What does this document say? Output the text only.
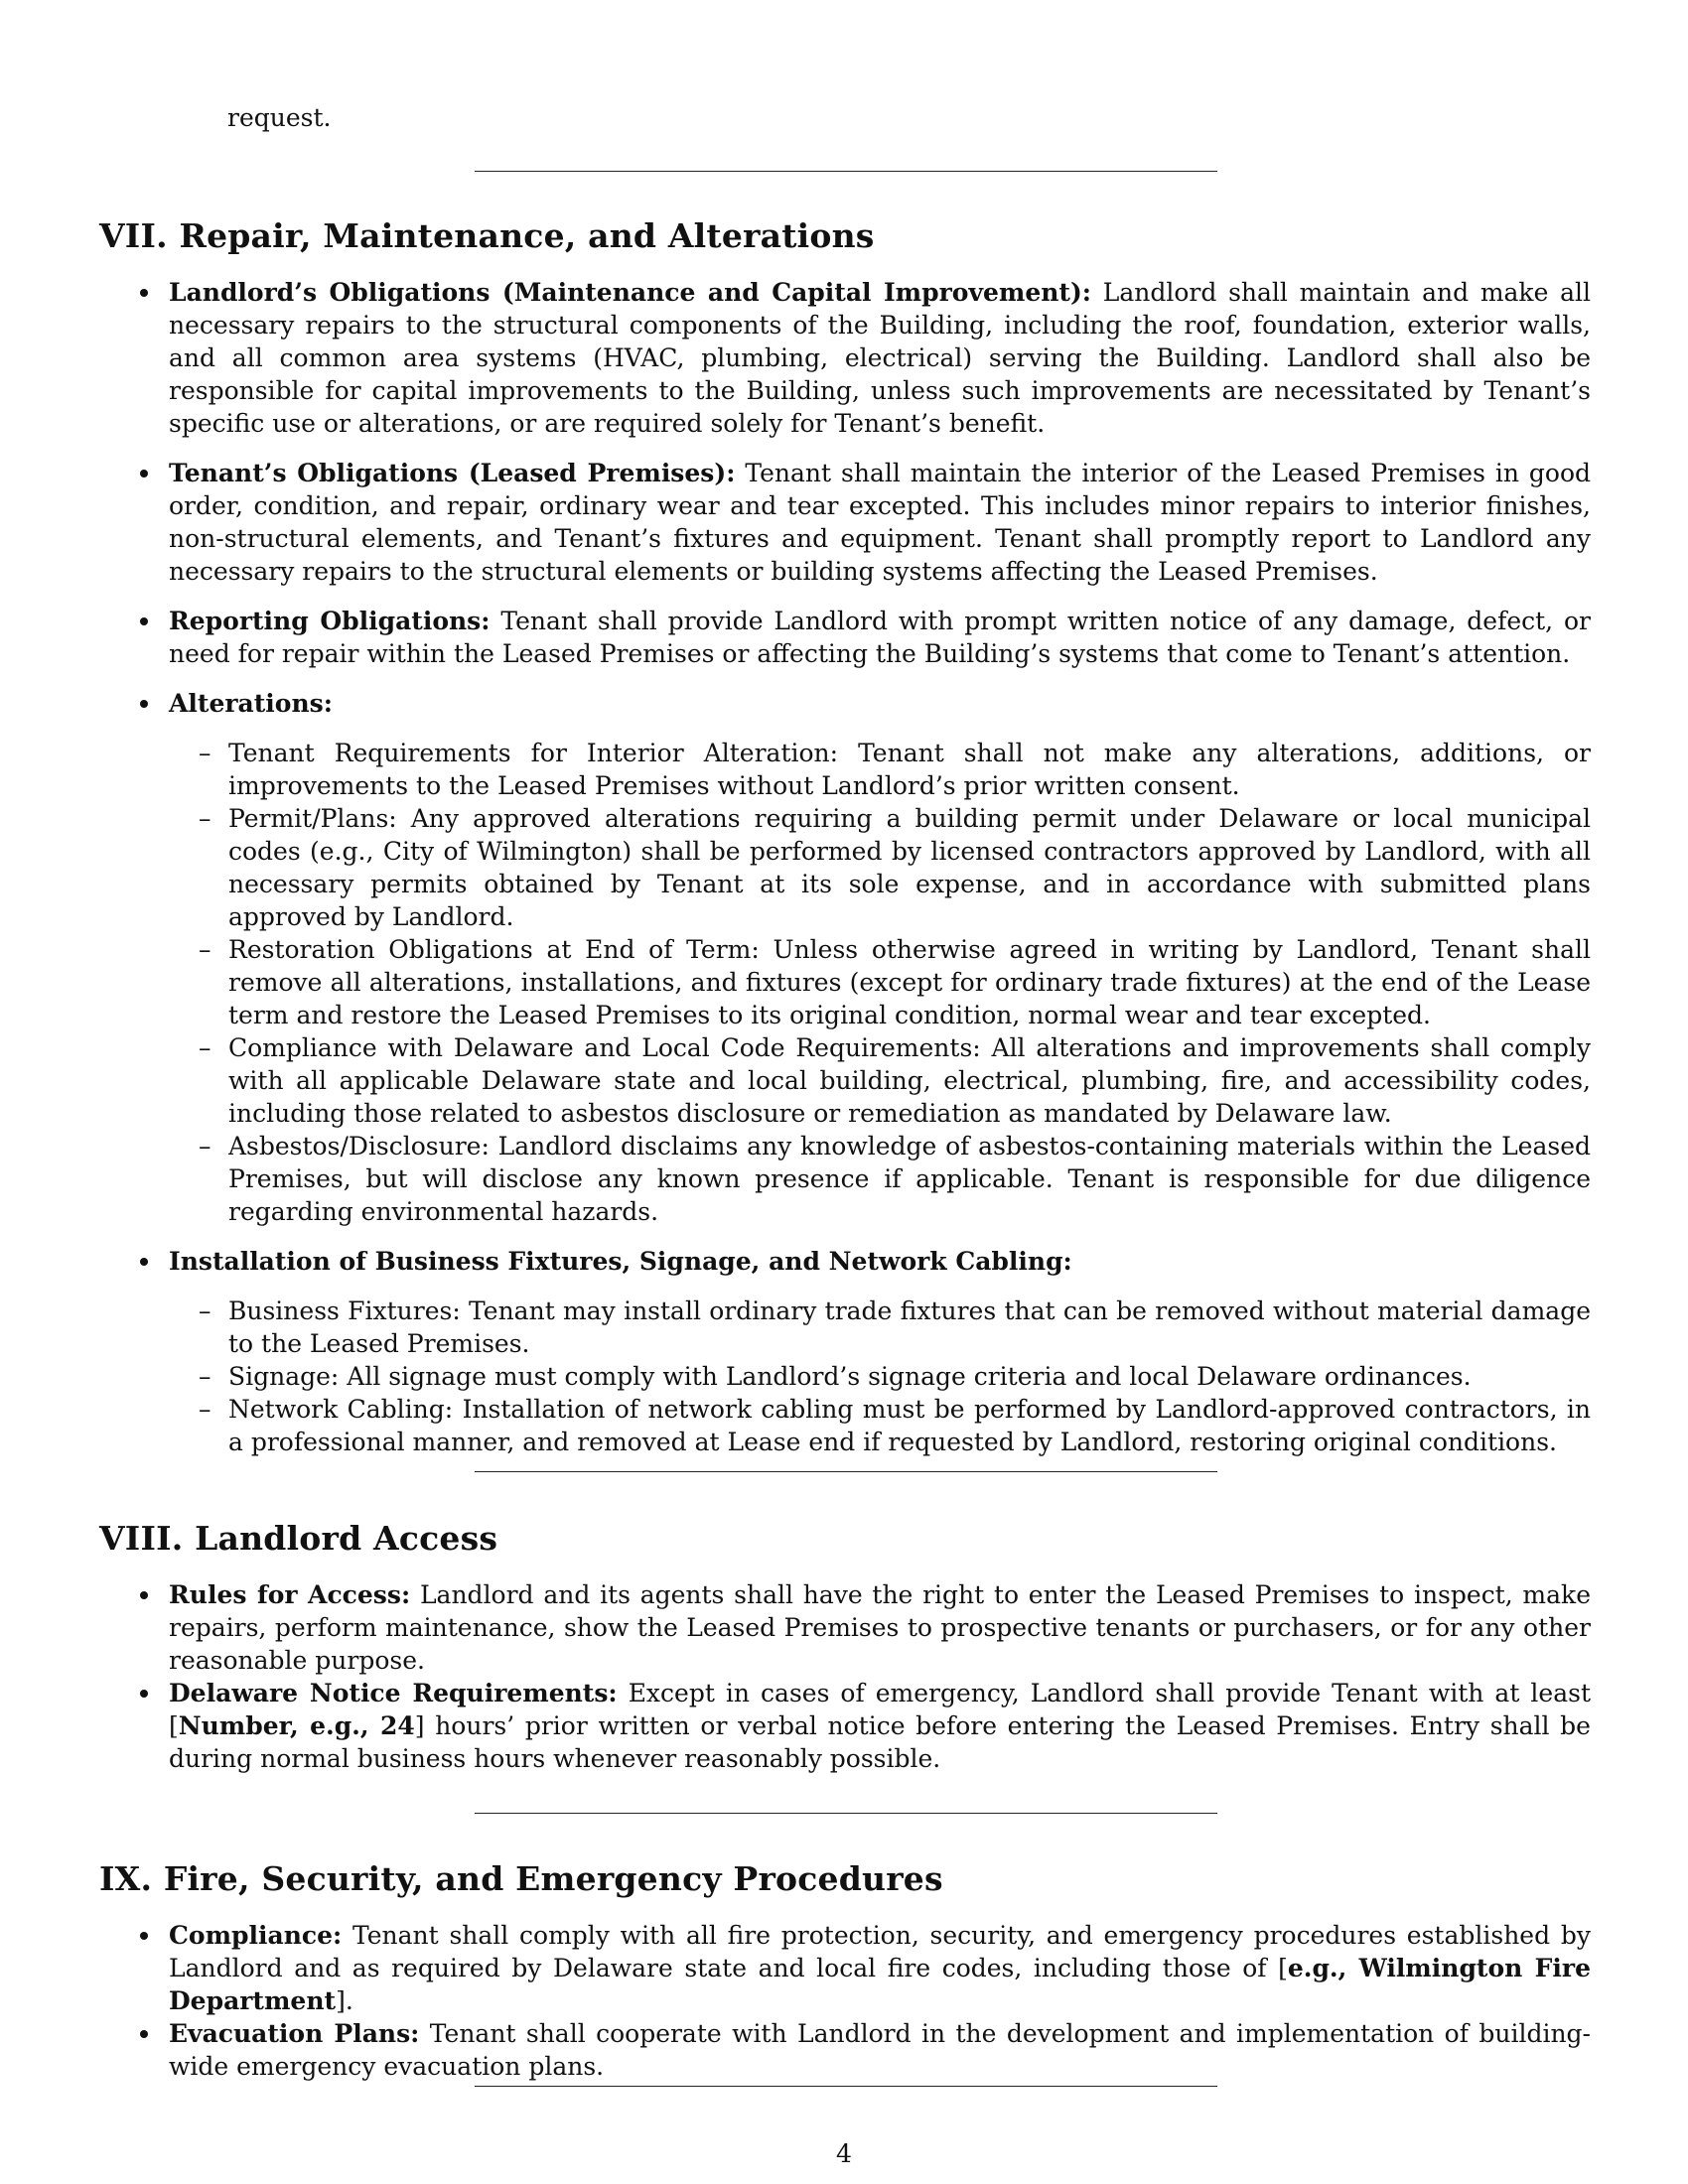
request.
VII. Repair, Maintenance, and Alterations
Landlord’s Obligations (Maintenance and Capital Improvement): Landlord shall maintain and make all necessary repairs to the structural components of the Building, including the roof, foundation, exterior walls, and all common area systems (HVAC, plumbing, electrical) serving the Building. Landlord shall also be responsible for capital improvements to the Building, unless such improvements are necessitated by Tenant’s specific use or alterations, or are required solely for Tenant’s benefit.
Tenant’s Obligations (Leased Premises): Tenant shall maintain the interior of the Leased Premises in good order, condition, and repair, ordinary wear and tear excepted. This includes minor repairs to interior finishes, non-structural elements, and Tenant’s fixtures and equipment. Tenant shall promptly report to Landlord any necessary repairs to the structural elements or building systems affecting the Leased Premises.
Reporting Obligations: Tenant shall provide Landlord with prompt written notice of any damage, defect, or need for repair within the Leased Premises or affecting the Building’s systems that come to Tenant’s attention.
Alterations:
– Tenant Requirements for Interior Alteration: Tenant shall not make any alterations, additions, or improvements to the Leased Premises without Landlord’s prior written consent.
– Permit/Plans: Any approved alterations requiring a building permit under Delaware or local municipal codes (e.g., City of Wilmington) shall be performed by licensed contractors approved by Landlord, with all necessary permits obtained by Tenant at its sole expense, and in accordance with submitted plans approved by Landlord.
– Restoration Obligations at End of Term: Unless otherwise agreed in writing by Landlord, Tenant shall remove all alterations, installations, and fixtures (except for ordinary trade fixtures) at the end of the Lease term and restore the Leased Premises to its original condition, normal wear and tear excepted.
– Compliance with Delaware and Local Code Requirements: All alterations and improvements shall comply with all applicable Delaware state and local building, electrical, plumbing, fire, and accessibility codes, including those related to asbestos disclosure or remediation as mandated by Delaware law.
– Asbestos/Disclosure: Landlord disclaims any knowledge of asbestos-containing materials within the Leased Premises, but will disclose any known presence if applicable. Tenant is responsible for due diligence regarding environmental hazards.
Installation of Business Fixtures, Signage, and Network Cabling:
– Business Fixtures: Tenant may install ordinary trade fixtures that can be removed without material damage to the Leased Premises.
– Signage: All signage must comply with Landlord’s signage criteria and local Delaware ordinances.
– Network Cabling: Installation of network cabling must be performed by Landlord-approved contractors, in a professional manner, and removed at Lease end if requested by Landlord, restoring original conditions.
VIII. Landlord Access
Rules for Access: Landlord and its agents shall have the right to enter the Leased Premises to inspect, make repairs, perform maintenance, show the Leased Premises to prospective tenants or purchasers, or for any other reasonable purpose.
Delaware Notice Requirements: Except in cases of emergency, Landlord shall provide Tenant with at least [Number, e.g., 24] hours’ prior written or verbal notice before entering the Leased Premises. Entry shall be during normal business hours whenever reasonably possible.
IX. Fire, Security, and Emergency Procedures
Compliance: Tenant shall comply with all fire protection, security, and emergency procedures established by Landlord and as required by Delaware state and local fire codes, including those of [e.g., Wilmington Fire Department].
Evacuation Plans: Tenant shall cooperate with Landlord in the development and implementation of building-wide emergency evacuation plans.
4
